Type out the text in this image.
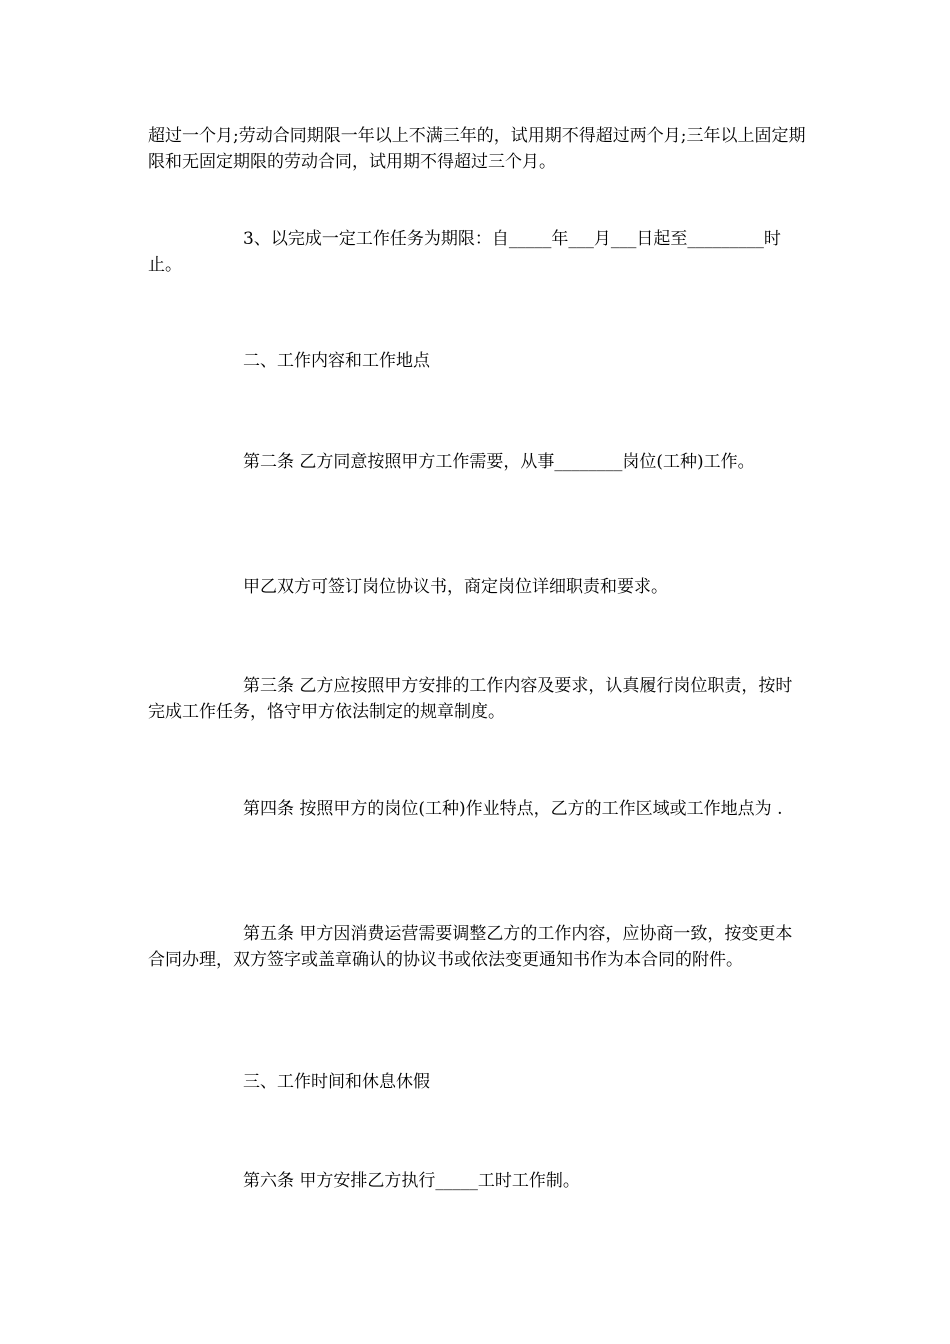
超过一个月;劳动合同期限一年以上不满三年的，试用期不得超过两个月;三年以上固定期限和无固定期限的劳动合同，试用期不得超过三个月。

3、以完成一定工作任务为期限：自_____年___月___日起至_________时止。

二、工作内容和工作地点

第二条 乙方同意按照甲方工作需要，从事________岗位(工种)工作。

甲乙双方可签订岗位协议书，商定岗位详细职责和要求。

第三条 乙方应按照甲方安排的工作内容及要求，认真履行岗位职责，按时完成工作任务，恪守甲方依法制定的规章制度。

第四条 按照甲方的岗位(工种)作业特点，乙方的工作区域或工作地点为 .

第五条 甲方因消费运营需要调整乙方的工作内容，应协商一致，按变更本合同办理，双方签字或盖章确认的协议书或依法变更通知书作为本合同的附件。

三、工作时间和休息休假

第六条 甲方安排乙方执行_____工时工作制。
